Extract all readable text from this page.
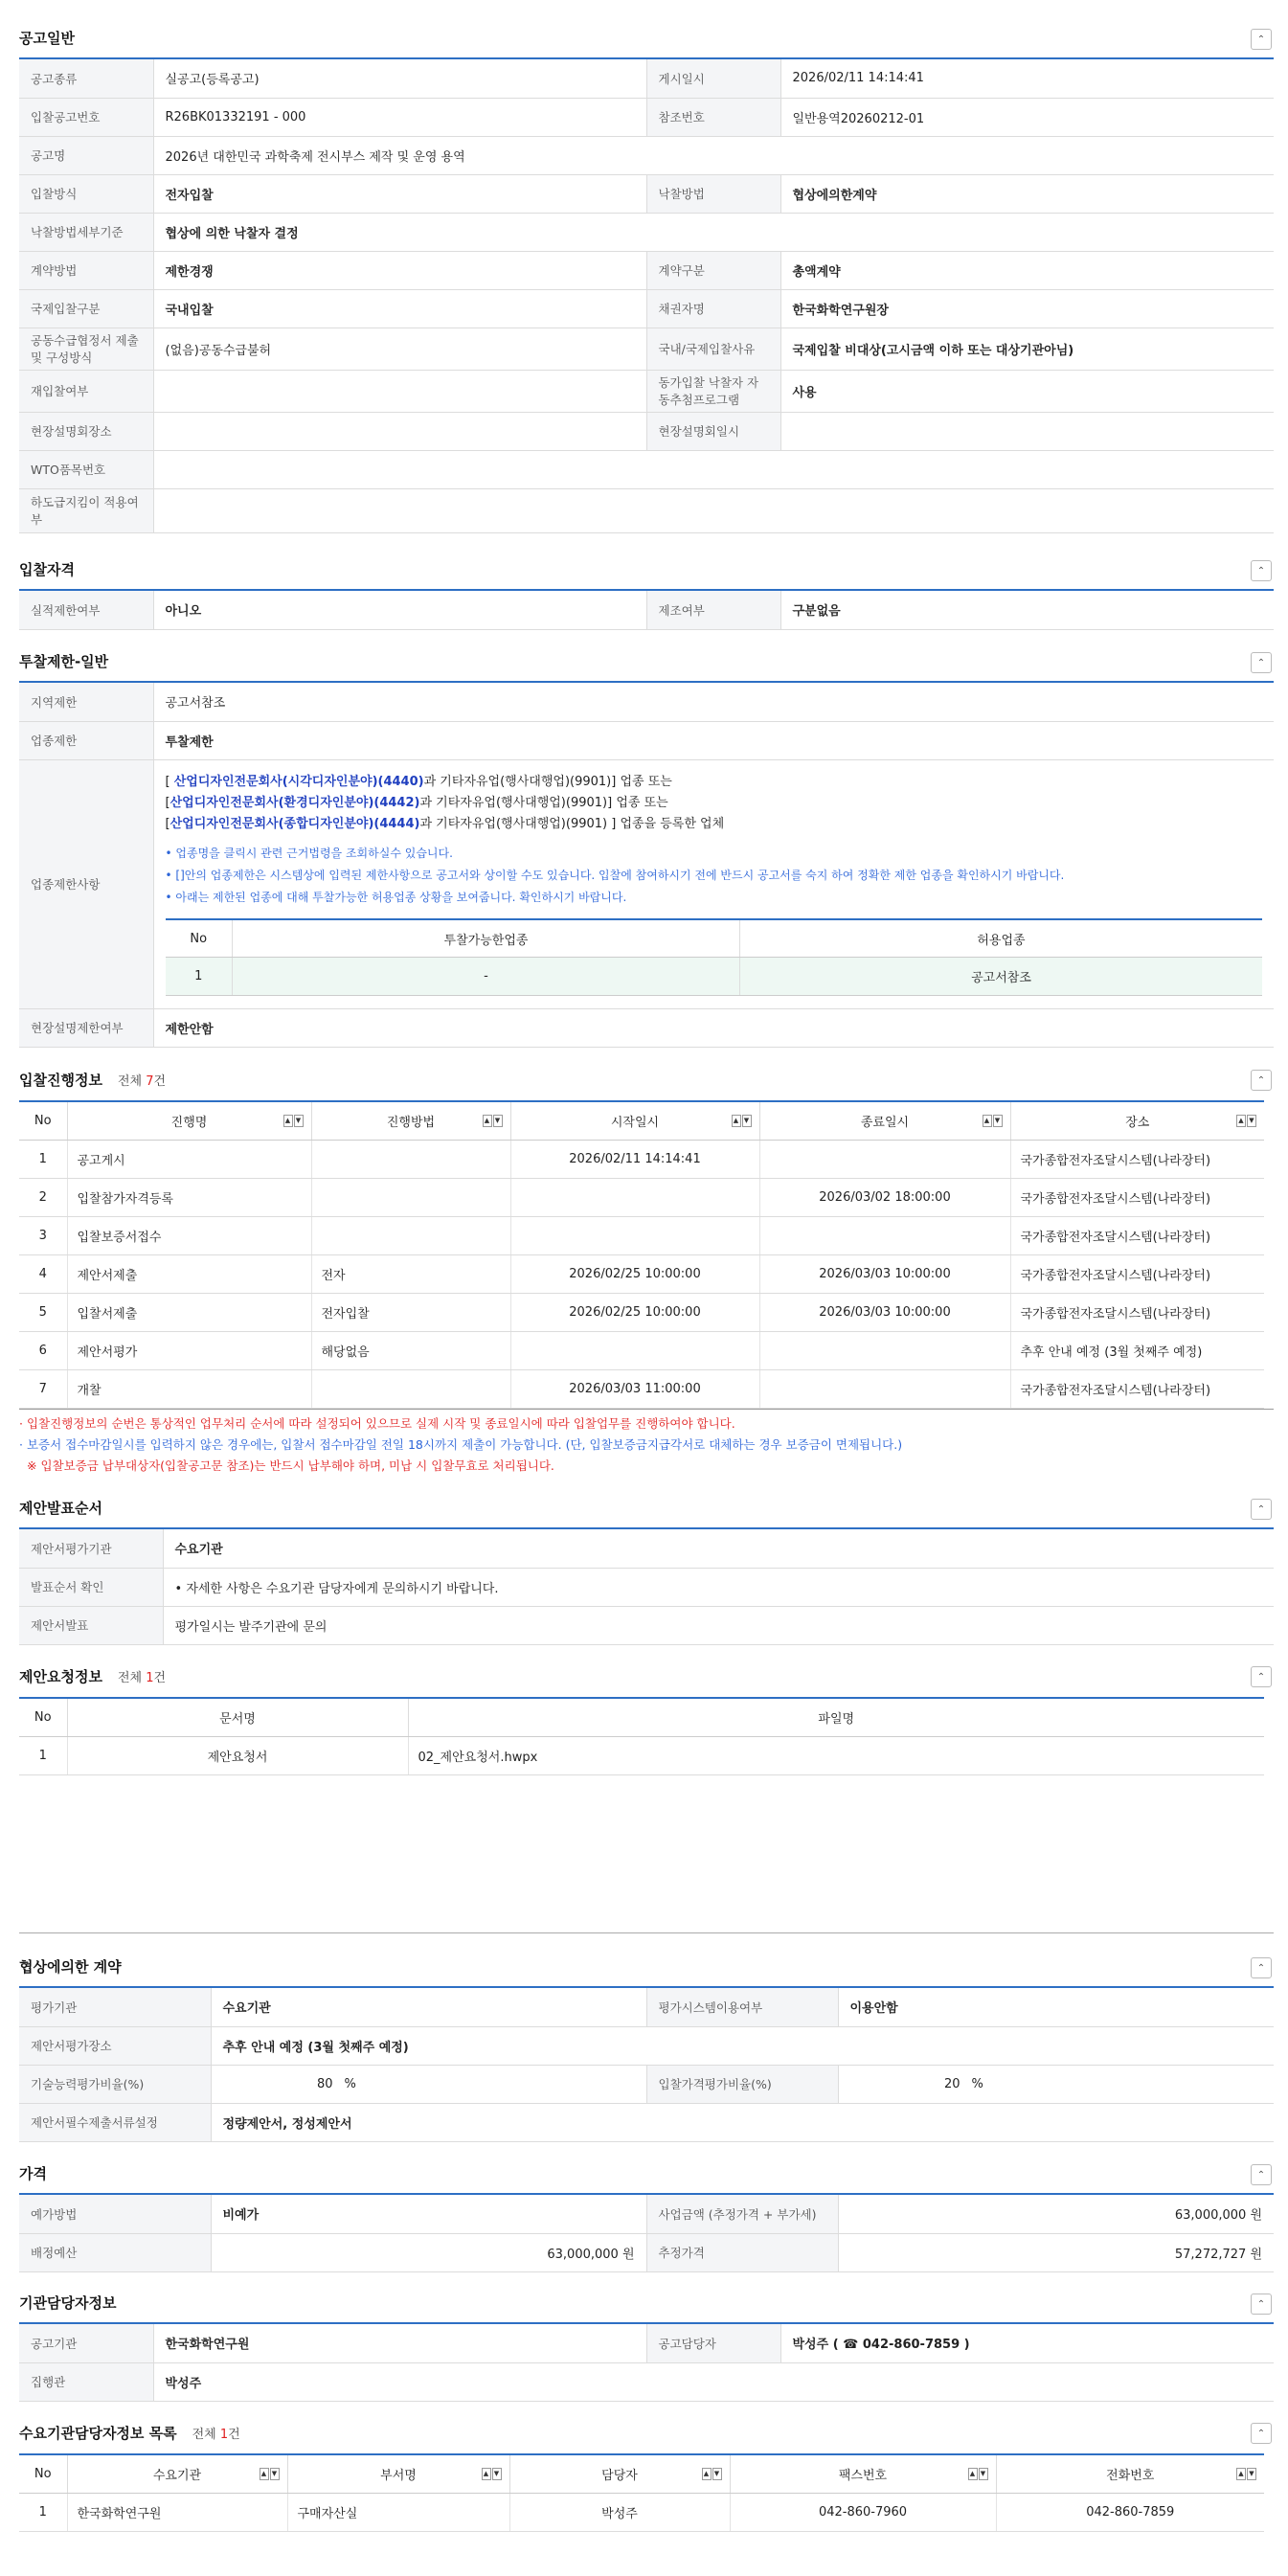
공고일반	⌃
공고종류	실공고(등록공고)	게시일시	2026/02/11 14:14:41
입찰공고번호	R26BK01332191 - 000	참조번호	일반용역20260212-01
공고명	2026년 대한민국 과학축제 전시부스 제작 및 운영 용역		
입찰방식	전자입찰	낙찰방법	협상에의한계약
낙찰방법세부기준	협상에 의한 낙찰자 결정		
계약방법	제한경쟁	계약구분	총액계약
국제입찰구분	국내입찰	채권자명	한국화학연구원장
공동수급협정서 제출 및 구성방식	(없음)공동수급불허	국내/국제입찰사유	국제입찰 비대상(고시금액 이하 또는 대상기관아님)
재입찰여부		동가입찰 낙찰자 자동추첨프로그램	사용
현장설명회장소		현장설명회일시	
WTO품목번호			
하도급지킴이 적용여부			
입찰자격	⌃
실적제한여부	아니오	제조여부	구분없음
투찰제한-일반	⌃
지역제한	공고서참조
업종제한	투찰제한
업종제한사항	
[ 산업디자인전문회사(시각디자인분야)(4440)과 기타자유업(행사대행업)(9901)] 업종 또는
[산업디자인전문회사(환경디자인분야)(4442)과 기타자유업(행사대행업)(9901)] 업종 또는
[산업디자인전문회사(종합디자인분야)(4444)과 기타자유업(행사대행업)(9901) ] 업종을 등록한 업체
• 업종명을 클릭시 관련 근거법령을 조회하실수 있습니다.
• []안의 업종제한은 시스템상에 입력된 제한사항으로 공고서와 상이할 수도 있습니다. 입찰에 참여하시기 전에 반드시 공고서를 숙지 하여 정확한 제한 업종을 확인하시기 바랍니다.
• 아래는 제한된 업종에 대해 투찰가능한 허용업종 상황을 보여줍니다. 확인하시기 바랍니다.
No	투찰가능한업종	허용업종
1	-	공고서참조

현장설명제한여부	제한안함
입찰진행정보 전체 7건	⌃
No	진행명 ▲ ▼	진행방법 ▲ ▼	시작일시 ▲ ▼	종료일시 ▲ ▼	장소 ▲ ▼

1	공고게시		2026/02/11 14:14:41		국가종합전자조달시스템(나라장터)
2	입찰참가자격등록			2026/03/02 18:00:00	국가종합전자조달시스템(나라장터)
3	입찰보증서접수				국가종합전자조달시스템(나라장터)
4	제안서제출	전자	2026/02/25 10:00:00	2026/03/03 10:00:00	국가종합전자조달시스템(나라장터)
5	입찰서제출	전자입찰	2026/02/25 10:00:00	2026/03/03 10:00:00	국가종합전자조달시스템(나라장터)
6	제안서평가	해당없음			추후 안내 예정 (3월 첫째주 예정)
7	개찰		2026/03/03 11:00:00		국가종합전자조달시스템(나라장터)
· 입찰진행정보의 순번은 통상적인 업무처리 순서에 따라 설정되어 있으므로 실제 시작 및 종료일시에 따라 입찰업무를 진행하여야 합니다.
· 보증서 접수마감일시를 입력하지 않은 경우에는, 입찰서 접수마감일 전일 18시까지 제출이 가능합니다. (단, 입찰보증금지급각서로 대체하는 경우 보증금이 면제됩니다.)
※ 입찰보증금 납부대상자(입찰공고문 참조)는 반드시 납부해야 하며, 미납 시 입찰무효로 처리됩니다.
제안발표순서	⌃
제안서평가기관	수요기관
발표순서 확인	• 자세한 사항은 수요기관 담당자에게 문의하시기 바랍니다.
제안서발표	평가일시는 발주기관에 문의
제안요청정보 전체 1건	⌃
No	문서명	파일명
1	제안요청서	02_제안요청서.hwpx
협상에의한 계약	⌃
평가기관	수요기관	평가시스템이용여부	이용안함
제안서평가장소	추후 안내 예정 (3월 첫째주 예정)		
기술능력평가비율(%)	80 %	입찰가격평가비율(%)	20 %
제안서필수제출서류설정	정량제안서, 정성제안서		
가격	⌃
예가방법	비예가	사업금액 (추정가격 + 부가세)	63,000,000 원
배정예산	63,000,000 원	추정가격	57,272,727 원
기관담당자정보	⌃
공고기관	한국화학연구원	공고담당자	박성주 ( ☎ 042-860-7859 )
집행관	박성주		
수요기관담당자정보 목록 전체 1건	⌃
No	수요기관 ▲ ▼	부서명 ▲ ▼	담당자 ▲ ▼	팩스번호 ▲ ▼	전화번호 ▲ ▼

1	한국화학연구원	구매자산실	박성주	042-860-7960	042-860-7859
